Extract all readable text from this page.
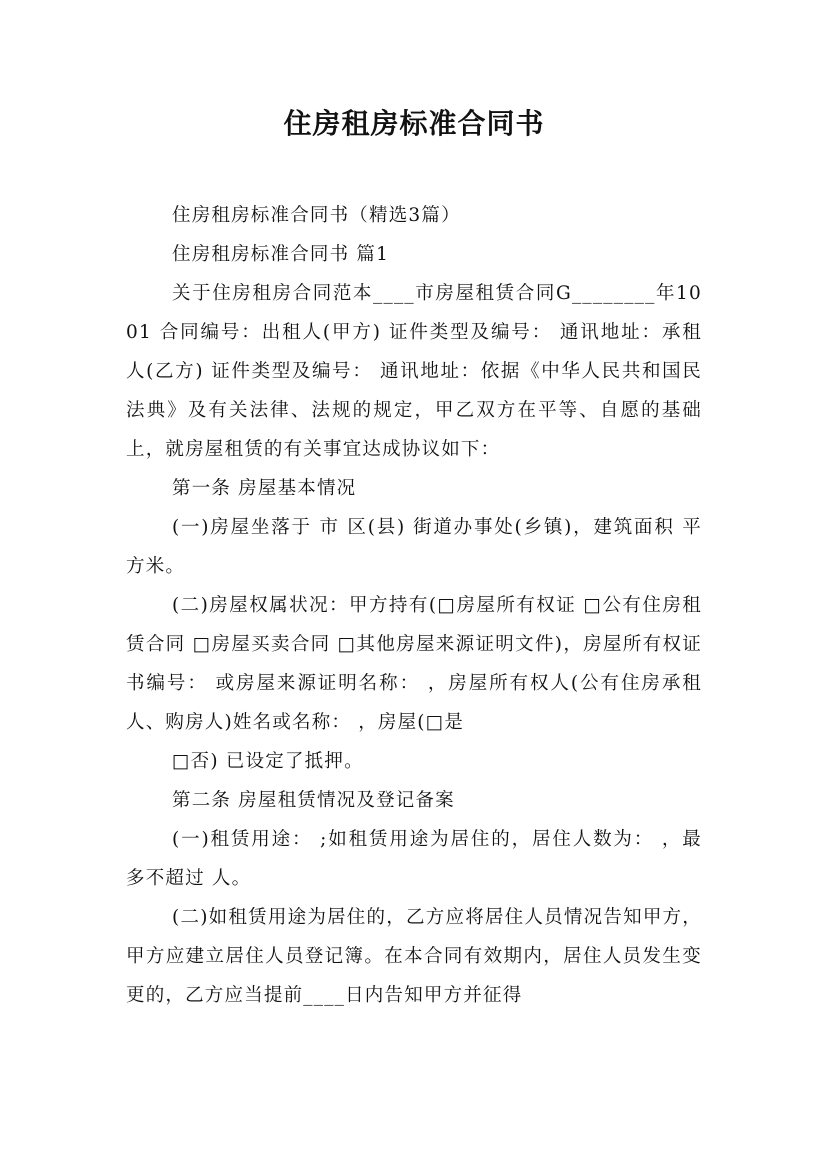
住房租房标准合同书

住房租房标准合同书（精选3篇）

住房租房标准合同书 篇1

关于住房租房合同范本____市房屋租赁合同G________年1001 合同编号：出租人(甲方) 证件类型及编号： 通讯地址：承租人(乙方) 证件类型及编号： 通讯地址：依据《中华人民共和国民法典》及有关法律、法规的规定，甲乙双方在平等、自愿的基础上，就房屋租赁的有关事宜达成协议如下：

第一条 房屋基本情况

(一)房屋坐落于 市 区(县) 街道办事处(乡镇)，建筑面积 平方米。

(二)房屋权属状况：甲方持有(□房屋所有权证 □公有住房租赁合同 □房屋买卖合同 □其他房屋来源证明文件)，房屋所有权证书编号： 或房屋来源证明名称： ，房屋所有权人(公有住房承租人、购房人)姓名或名称： ，房屋(□是

□否) 已设定了抵押。

第二条 房屋租赁情况及登记备案

(一)租赁用途： ;如租赁用途为居住的，居住人数为： ，最多不超过 人。

(二)如租赁用途为居住的，乙方应将居住人员情况告知甲方，甲方应建立居住人员登记簿。在本合同有效期内，居住人员发生变更的，乙方应当提前____日内告知甲方并征得
